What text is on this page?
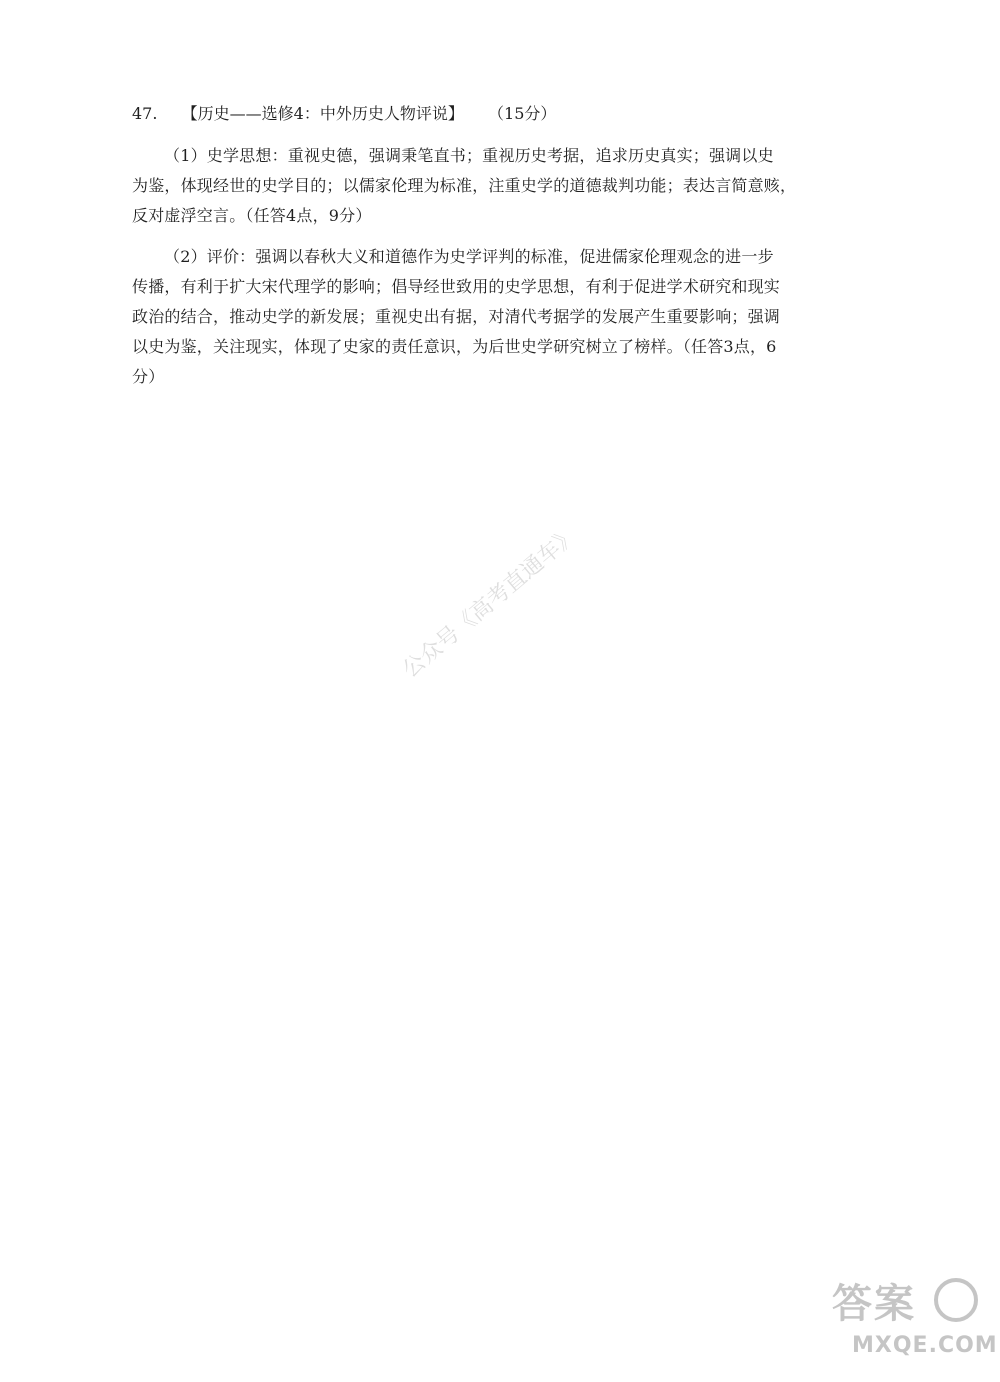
47. 【历史——选修4：中外历史人物评说】 （15分）
（1）史学思想：重视史德，强调秉笔直书；重视历史考据，追求历史真实；强调以史
为鉴，体现经世的史学目的；以儒家伦理为标准，注重史学的道德裁判功能；表达言简意赅，
反对虚浮空言。（任答4点，9分）
（2）评价：强调以春秋大义和道德作为史学评判的标准，促进儒家伦理观念的进一步
传播，有利于扩大宋代理学的影响；倡导经世致用的史学思想，有利于促进学术研究和现实
政治的结合，推动史学的新发展；重视史出有据，对清代考据学的发展产生重要影响；强调
以史为鉴，关注现实，体现了史家的责任意识，为后世史学研究树立了榜样。（任答3点，6
分）
公众号《高考直通车》
答案
MXQE.COM
